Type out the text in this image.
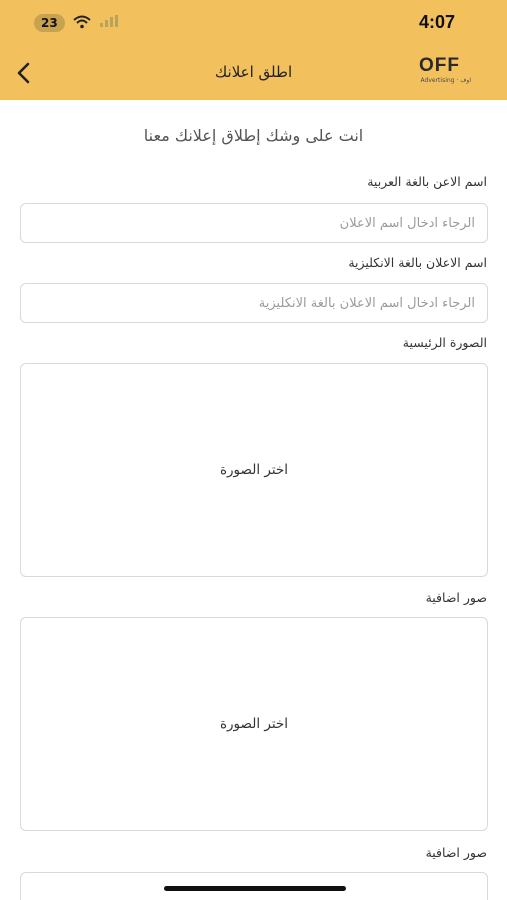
23	4:07
اطلق اعلانك	OFF
Advertising · اوف
انت على وشك إطلاق إعلانك معنا
اسم الاعن بالغة العربية
الرجاء ادخال اسم الاعلان
اسم الاعلان بالغة الانكليزية
الرجاء ادخال اسم الاعلان بالغة الانكليزية
الصورة الرئيسية
اختر الصورة
صور اضافية
اختر الصورة
صور اضافية
